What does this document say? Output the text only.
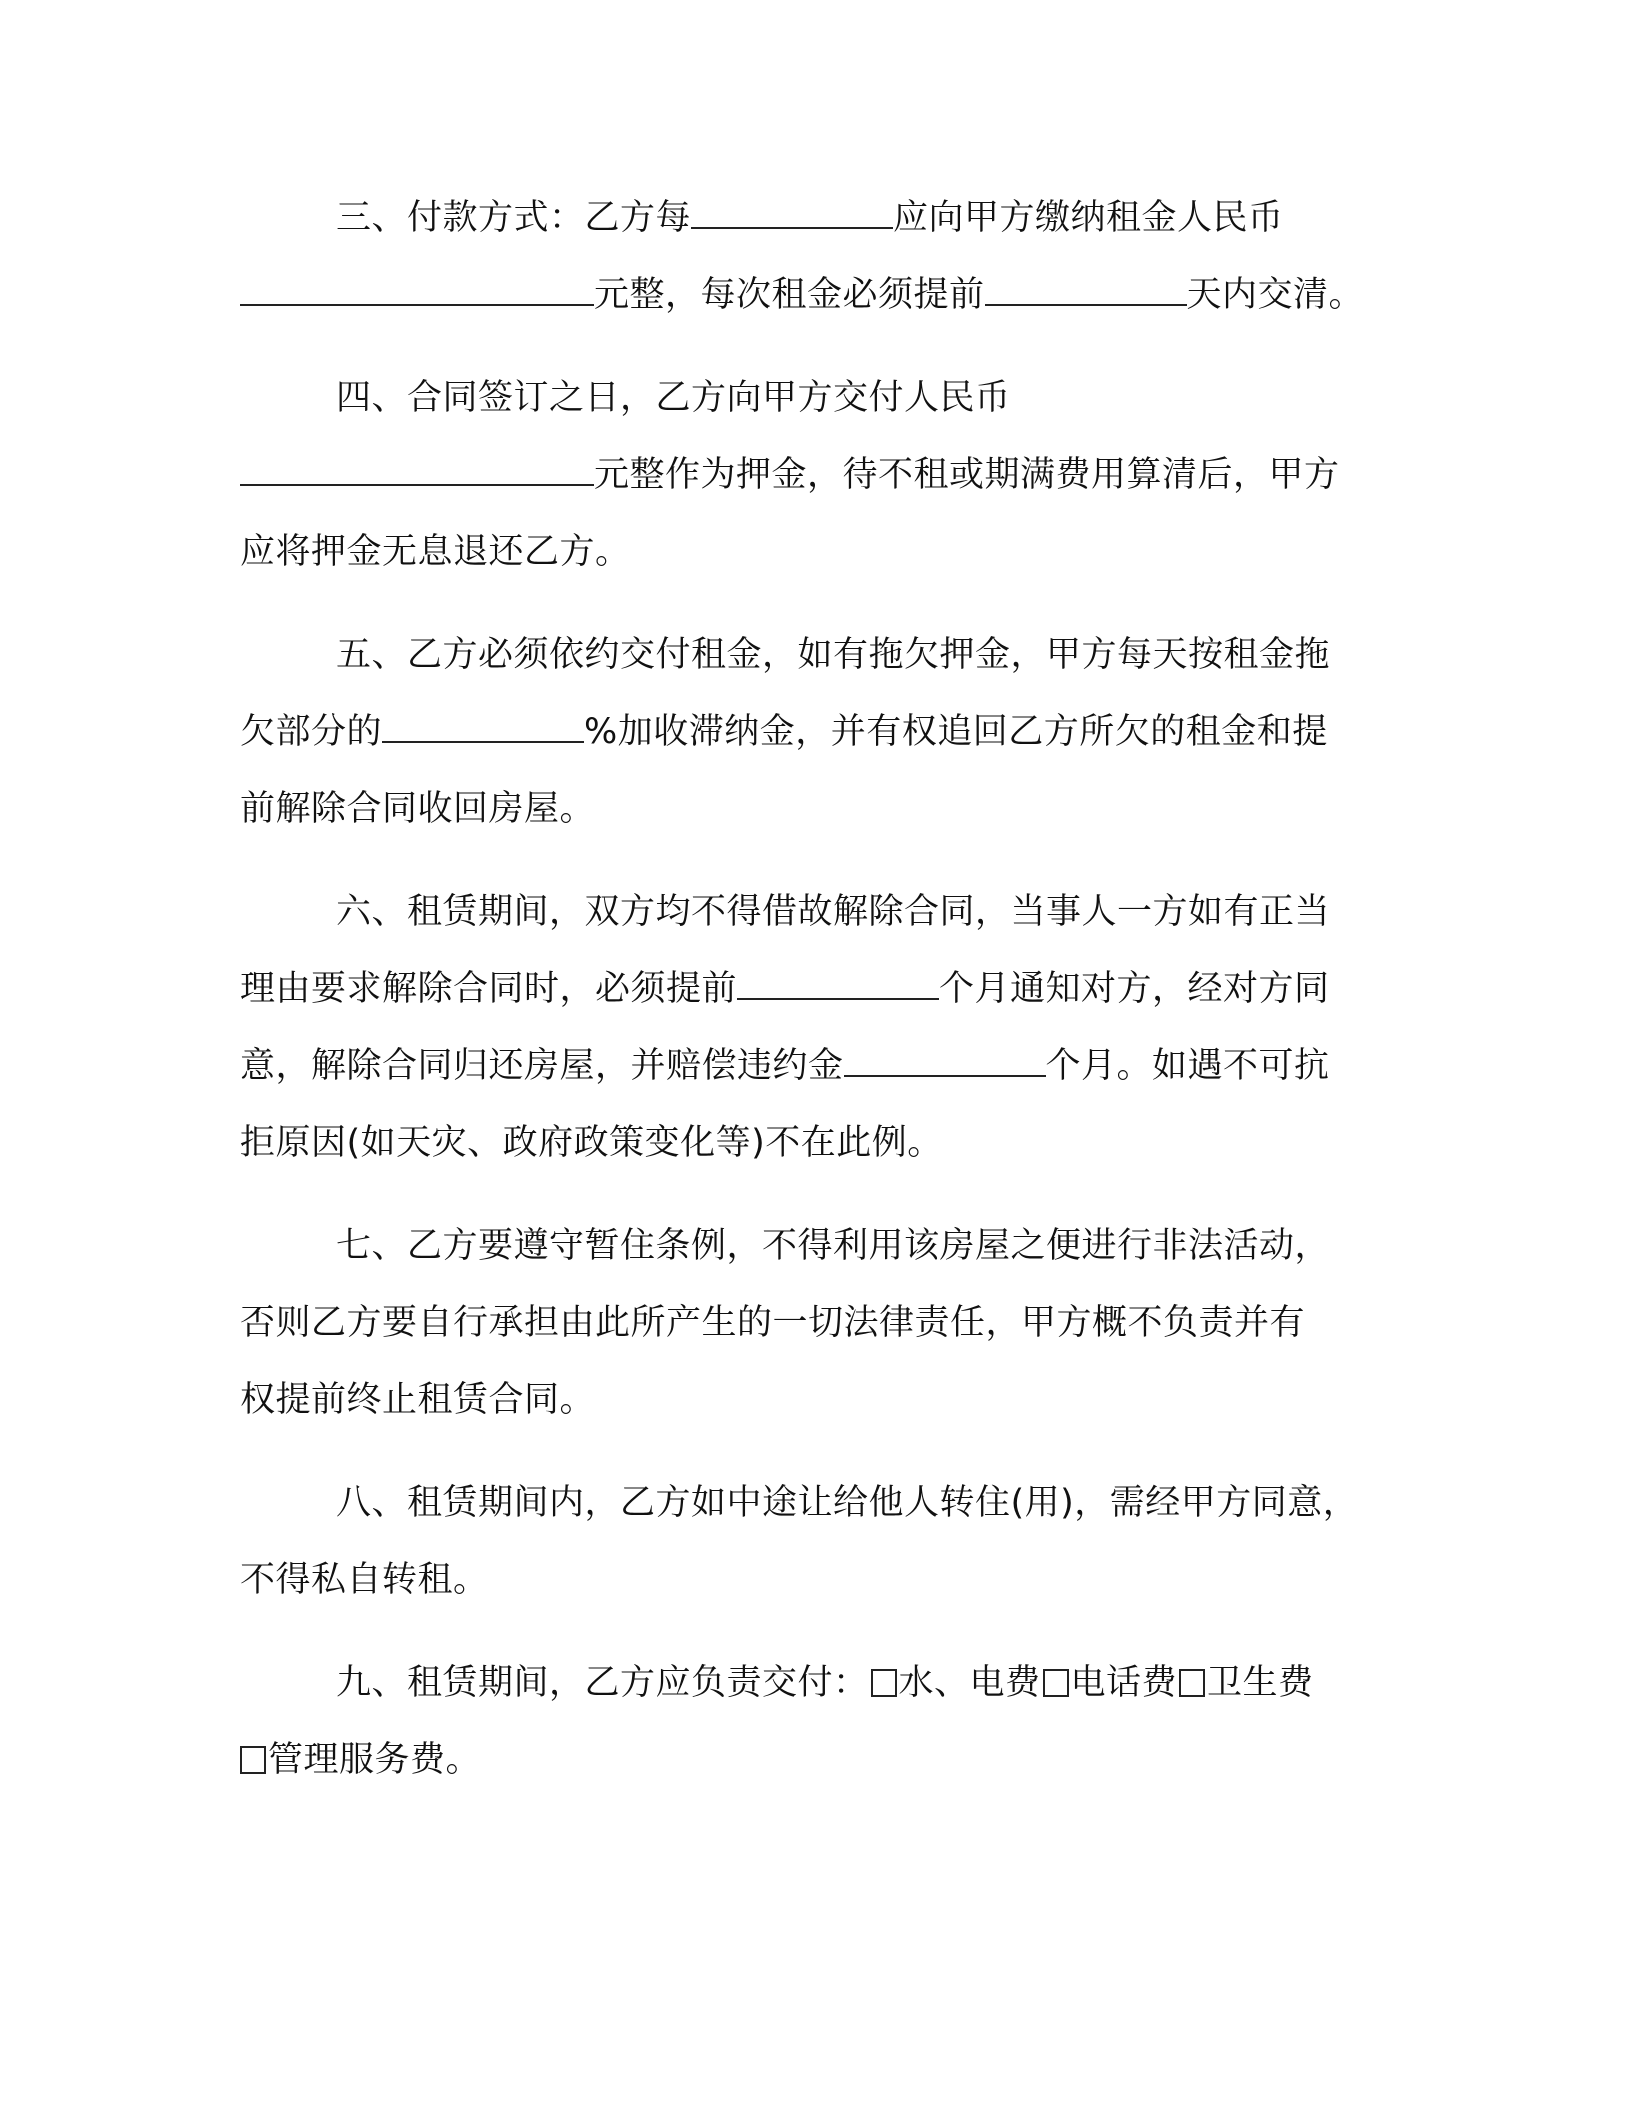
三、付款方式：乙方每	应向甲方缴纳租金人民币
元整，每次租金必须提前	天内交清。
四、合同签订之日，乙方向甲方交付人民币
元整作为押金，待不租或期满费用算清后，甲方
应将押金无息退还乙方。
五、乙方必须依约交付租金，如有拖欠押金，甲方每天按租金拖
欠部分的	%加收滞纳金，并有权追回乙方所欠的租金和提
前解除合同收回房屋。
六、租赁期间，双方均不得借故解除合同，当事人一方如有正当
理由要求解除合同时，必须提前	个月通知对方，经对方同
意，解除合同归还房屋，并赔偿违约金	个月。如遇不可抗
拒原因(如天灾、政府政策变化等)不在此例。
七、乙方要遵守暂住条例，不得利用该房屋之便进行非法活动，
否则乙方要自行承担由此所产生的一切法律责任，甲方概不负责并有
权提前终止租赁合同。
八、租赁期间内，乙方如中途让给他人转住(用)，需经甲方同意，
不得私自转租。
九、租赁期间，乙方应负责交付： 水、电费 电话费 卫生费
管理服务费。
